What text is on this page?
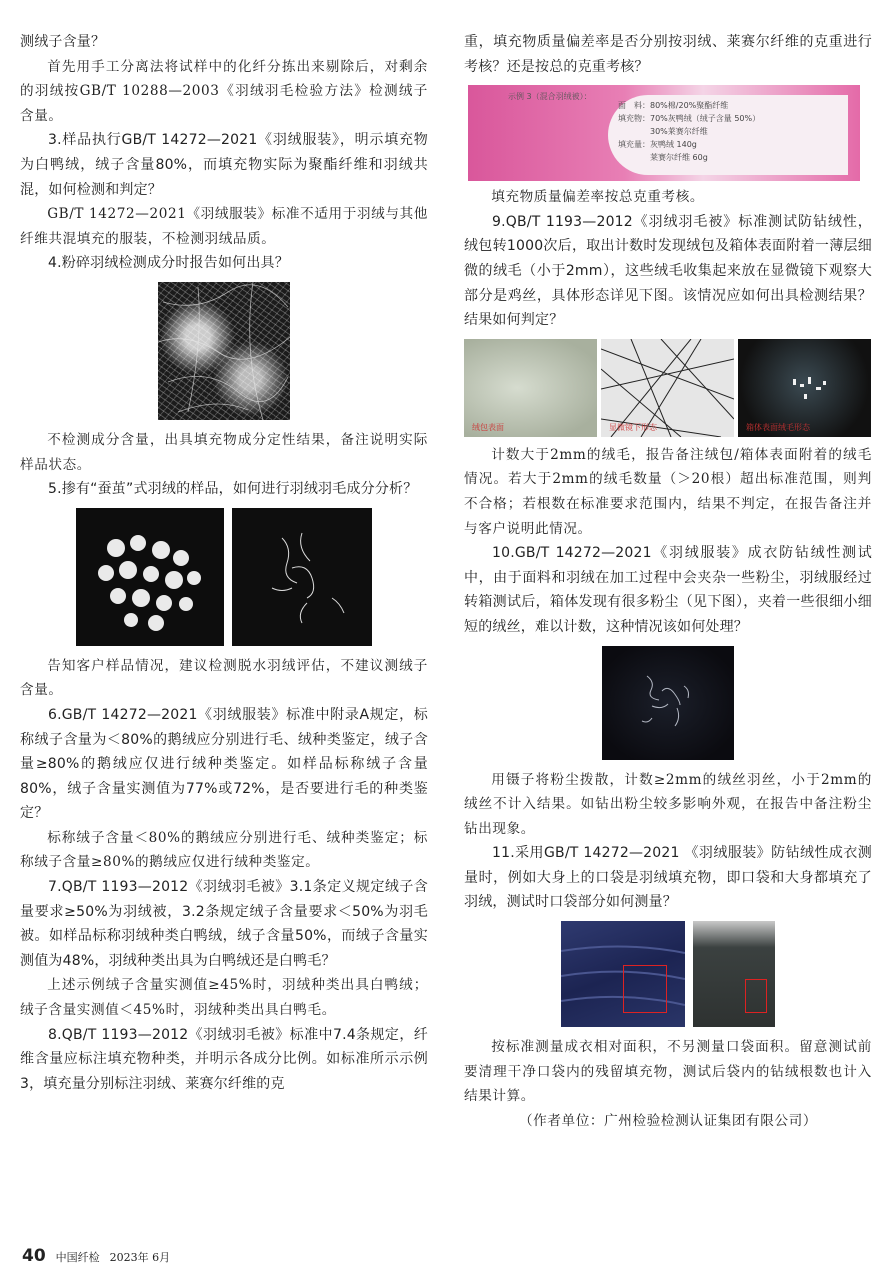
测绒子含量？

首先用手工分离法将试样中的化纤分拣出来剔除后，对剩余的羽绒按GB/T 10288—2003《羽绒羽毛检验方法》检测绒子含量。

3.样品执行GB/T 14272—2021《羽绒服装》，明示填充物为白鸭绒，绒子含量80%，而填充物实际为聚酯纤维和羽绒共混，如何检测和判定？

GB/T 14272—2021《羽绒服装》标准不适用于羽绒与其他纤维共混填充的服装，不检测羽绒品质。

4.粉碎羽绒检测成分时报告如何出具？

不检测成分含量，出具填充物成分定性结果，备注说明实际样品状态。

5.掺有“蚕茧”式羽绒的样品，如何进行羽绒羽毛成分分析？

告知客户样品情况，建议检测脱水羽绒评估，不建议测绒子含量。

6.GB/T 14272—2021《羽绒服装》标准中附录A规定，标称绒子含量为＜80%的鹅绒应分别进行毛、绒种类鉴定，绒子含量≥80%的鹅绒应仅进行绒种类鉴定。如样品标称绒子含量80%，绒子含量实测值为77%或72%，是否要进行毛的种类鉴定？

标称绒子含量＜80%的鹅绒应分别进行毛、绒种类鉴定；标称绒子含量≥80%的鹅绒应仅进行绒种类鉴定。

7.QB/T 1193—2012《羽绒羽毛被》3.1条定义规定绒子含量要求≥50%为羽绒被，3.2条规定绒子含量要求＜50%为羽毛被。如样品标称羽绒种类白鸭绒，绒子含量50%，而绒子含量实测值为48%，羽绒种类出具为白鸭绒还是白鸭毛？

上述示例绒子含量实测值≥45%时，羽绒种类出具白鸭绒；绒子含量实测值＜45%时，羽绒种类出具白鸭毛。

8.QB/T 1193—2012《羽绒羽毛被》标准中7.4条规定，纤维含量应标注填充物种类，并明示各成分比例。如标准所示示例3，填充量分别标注羽绒、莱赛尔纤维的克

重，填充物质量偏差率是否分别按羽绒、莱赛尔纤维的克重进行考核？还是按总的克重考核？

示例 3（混合羽绒被）：
面　料：80%棉/20%聚酯纤维
填充物：70%灰鸭绒（绒子含量 50%）
　　　　30%莱赛尔纤维
填充量：灰鸭绒 140g
　　　　莱赛尔纤维 60g

填充物质量偏差率按总克重考核。

9.QB/T 1193—2012《羽绒羽毛被》标准测试防钻绒性，绒包转1000次后，取出计数时发现绒包及箱体表面附着一薄层细微的绒毛（小于2mm），这些绒毛收集起来放在显微镜下观察大部分是鸡丝，具体形态详见下图。该情况应如何出具检测结果？结果如何判定？

绒包表面	显微镜下形态	箱体表面绒毛形态

计数大于2mm的绒毛，报告备注绒包/箱体表面附着的绒毛情况。若大于2mm的绒毛数量（＞20根）超出标准范围，则判不合格；若根数在标准要求范围内，结果不判定，在报告备注并与客户说明此情况。

10.GB/T 14272—2021《羽绒服装》成衣防钻绒性测试中，由于面料和羽绒在加工过程中会夹杂一些粉尘，羽绒服经过转箱测试后，箱体发现有很多粉尘（见下图），夹着一些很细小细短的绒丝，难以计数，这种情况该如何处理？

用镊子将粉尘拨散，计数≥2mm的绒丝羽丝，小于2mm的绒丝不计入结果。如钻出粉尘较多影响外观，在报告中备注粉尘钻出现象。

11.采用GB/T 14272—2021 《羽绒服装》防钻绒性成衣测量时，例如大身上的口袋是羽绒填充物，即口袋和大身都填充了羽绒，测试时口袋部分如何测量？

按标准测量成衣相对面积，不另测量口袋面积。留意测试前要清理干净口袋内的残留填充物，测试后袋内的钻绒根数也计入结果计算。

（作者单位：广州检验检测认证集团有限公司）

40 中国纤检 2023年 6月
